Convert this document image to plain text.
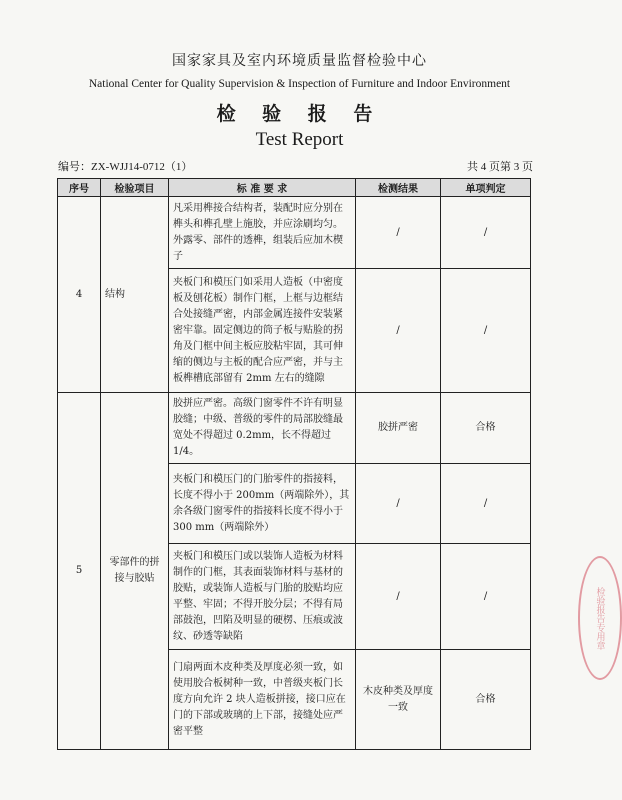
国家家具及室内环境质量监督检验中心
National Center for Quality Supervision & Inspection of Furniture and Indoor Environment
检 验 报 告
Test Report
编号：ZX-WJJ14-0712（1）	共 4 页第 3 页
序号	检验项目	标 准 要 求	检测结果	单项判定
4	结构	凡采用榫接合结构者，装配时应分别在榫头和榫孔壁上施胶，并应涂刷均匀。外露零、部件的透榫，组装后应加木楔子	/	/
		夹板门和模压门如采用人造板（中密度板及刨花板）制作门框，上框与边框结合处接缝严密，内部金属连接件安装紧密牢靠。固定侧边的筒子板与贴脸的拐角及门框中间主板应胶粘牢固，其可伸缩的侧边与主板的配合应严密，并与主板榫槽底部留有 2mm 左右的缝隙	/	/
5	零部件的拼接与胶贴	胶拼应严密。高级门窗零件不许有明显胶缝；中级、普级的零件的局部胶缝最宽处不得超过 0.2mm，长不得超过 1/4。	胶拼严密	合格
		夹板门和模压门的门胎零件的指接料，长度不得小于 200mm（两端除外），其余各级门窗零件的指接料长度不得小于 300 mm（两端除外）	/	/
		夹板门和模压门或以装饰人造板为材料制作的门框，其表面装饰材料与基材的胶贴，或装饰人造板与门胎的胶贴均应平整、牢固；不得开胶分层；不得有局部鼓泡，凹陷及明显的硬楞、压痕或波纹、砂透等缺陷	/	/
		门扇两面木皮种类及厚度必须一致，如使用胶合板树种一致，中普级夹板门长度方向允许 2 块人造板拼接，接口应在门的下部或玻璃的上下部，接缝处应严密平整	木皮种类及厚度一致	合格
检验报告专用章
